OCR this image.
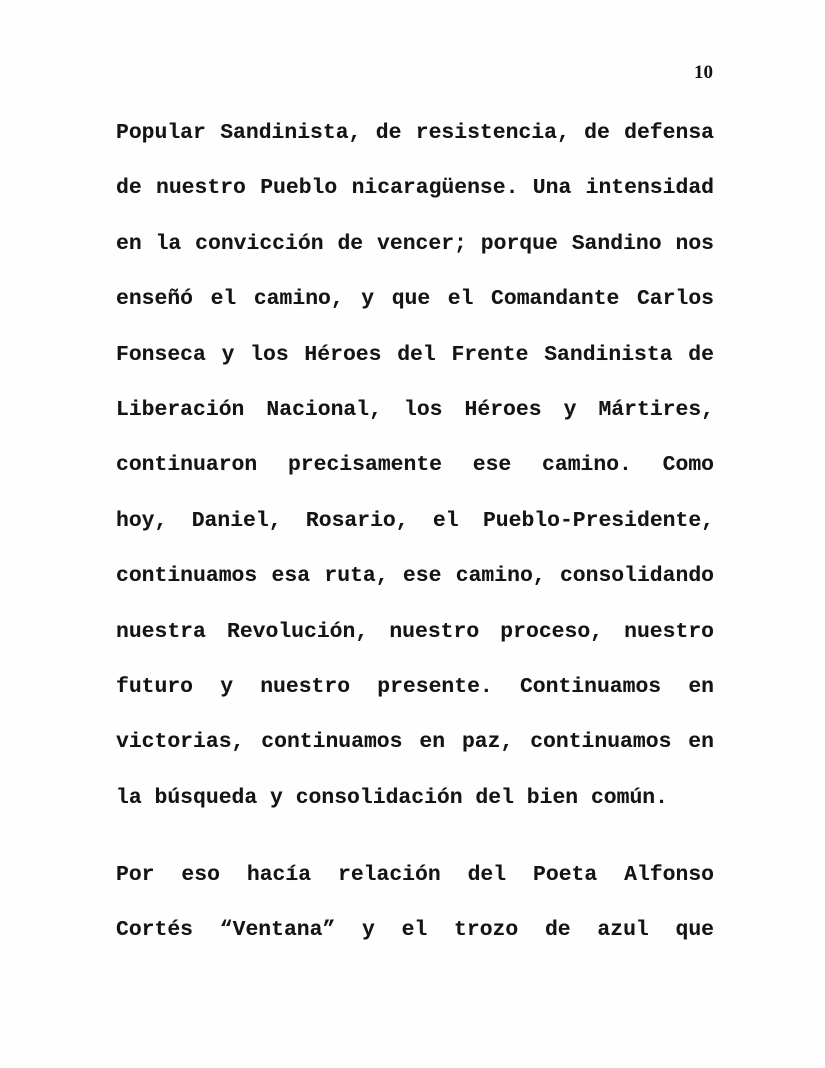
10
Popular Sandinista, de resistencia, de defensa
de nuestro Pueblo nicaragüense. Una intensidad
en la convicción de vencer; porque Sandino nos
enseñó el camino, y que el Comandante Carlos
Fonseca y los Héroes del Frente Sandinista de
Liberación Nacional, los Héroes y Mártires,
continuaron precisamente ese camino. Como
hoy, Daniel, Rosario, el Pueblo-Presidente,
continuamos esa ruta, ese camino, consolidando
nuestra Revolución, nuestro proceso, nuestro
futuro y nuestro presente. Continuamos en
victorias, continuamos en paz, continuamos en
la búsqueda y consolidación del bien común.
Por eso hacía relación del Poeta Alfonso
Cortés “Ventana” y el trozo de azul que
